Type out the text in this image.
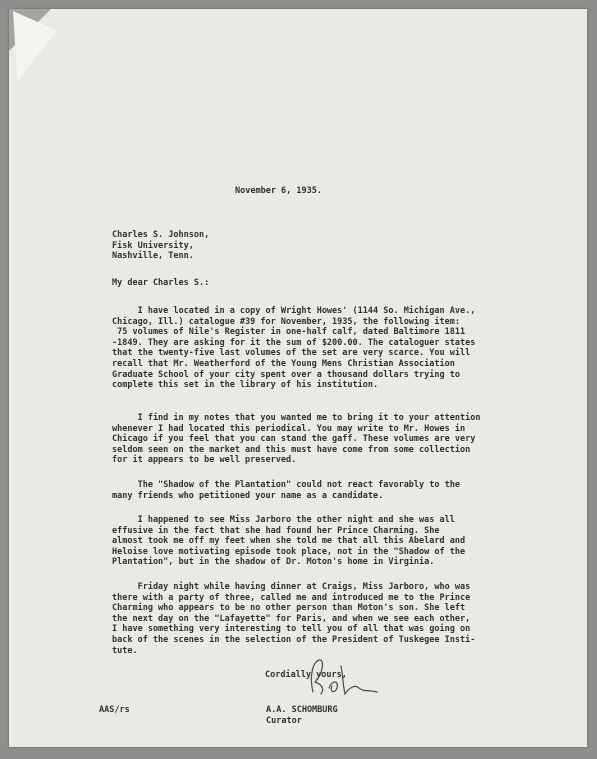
November 6, 1935.
Charles S. Johnson,
Fisk University,
Nashville, Tenn.
My dear Charles S.:
I have located in a copy of Wright Howes' (1144 So. Michigan Ave.,
Chicago, Ill.) catalogue #39 for November, 1935, the following item:
75 volumes of Nile's Register in one-half calf, dated Baltimore 1811
-1849. They are asking for it the sum of $200.00. The cataloguer states
that the twenty-five last volumes of the set are very scarce. You will
recall that Mr. Weatherford of the Young Mens Christian Association
Graduate School of your city spent over a thousand dollars trying to
complete this set in the library of his institution.
I find in my notes that you wanted me to bring it to your attention
whenever I had located this periodical. You may write to Mr. Howes in
Chicago if you feel that you can stand the gaff. These volumes are very
seldom seen on the market and this must have come from some collection
for it appears to be well preserved.
The "Shadow of the Plantation" could not react favorably to the
many friends who petitioned your name as a candidate.
I happened to see Miss Jarboro the other night and she was all
effusive in the fact that she had found her Prince Charming. She
almost took me off my feet when she told me that all this Abelard and
Heloise love motivating episode took place, not in the "Shadow of the
Plantation", but in the shadow of Dr. Moton's home in Virginia.
Friday night while having dinner at Craigs, Miss Jarboro, who was
there with a party of three, called me and introduced me to the Prince
Charming who appears to be no other person than Moton's son. She left
the next day on the "Lafayette" for Paris, and when we see each other,
I have something very interesting to tell you of all that was going on
back of the scenes in the selection of the President of Tuskegee Insti-
tute.
Cordially yours,
AAS/rs	A.A. SCHOMBURG
Curator
